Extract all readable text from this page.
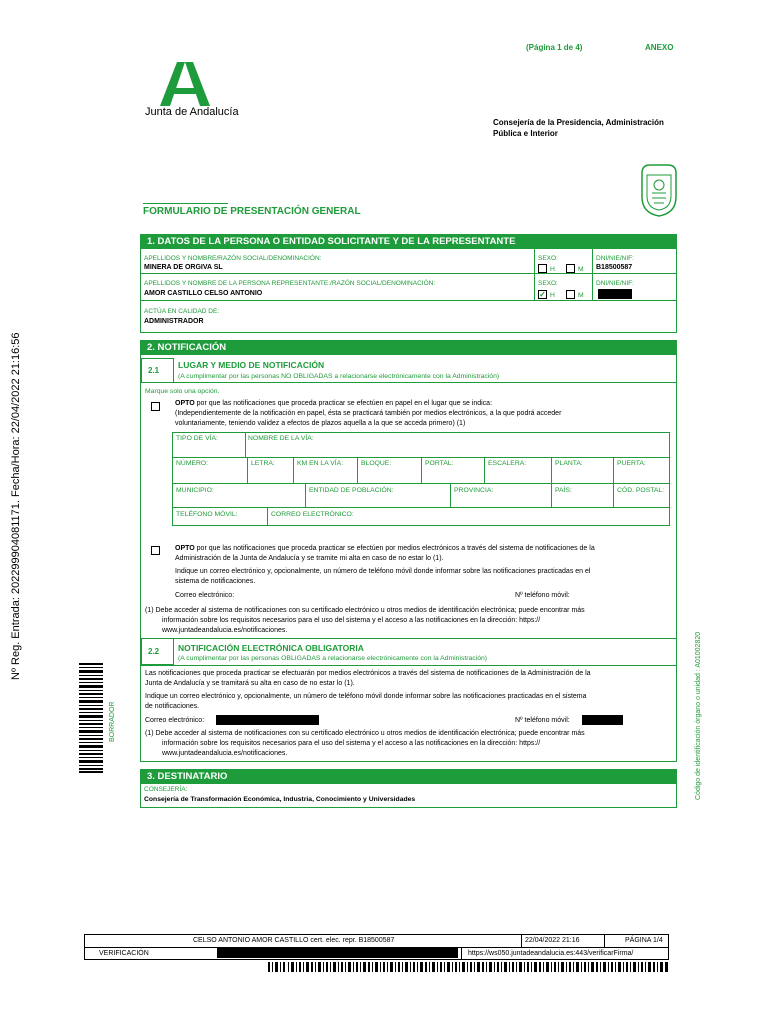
(Página 1 de 4)	ANEXO
Junta de Andalucía
Consejería de la Presidencia, Administración
Pública e Interior
FORMULARIO DE PRESENTACIÓN GENERAL
Nº Reg. Entrada: 202299904081171. Fecha/Hora: 22/04/2022 21:16:56
Código de identificación órgano o unidad : A01002820
BORRADOR
1. DATOS DE LA PERSONA O ENTIDAD SOLICITANTE Y DE LA REPRESENTANTE
APELLIDOS Y NOMBRE/RAZÓN SOCIAL/DENOMINACIÓN:
MINERA DE ORGIVA SL
SEXO:
H	M
DNI/NIE/NIF:
B18500587
APELLIDOS Y NOMBRE DE LA PERSONA REPRESENTANTE:/RAZÓN SOCIAL/DENOMINACIÓN:
AMOR CASTILLO CELSO ANTONIO
SEXO:
✓ H	M
DNI/NIE/NIF:
ACTÚA EN CALIDAD DE:
ADMINISTRADOR
2. NOTIFICACIÓN
2.1
LUGAR Y MEDIO DE NOTIFICACIÓN
(A cumplimentar por las personas NO OBLIGADAS a relacionarse electrónicamente con la Administración)
Marque solo una opción.
OPTO por que las notificaciones que proceda practicar se efectúen en papel en el lugar que se indica:
(Independientemente de la notificación en papel, ésta se practicará también por medios electrónicos, a la que podrá acceder
voluntariamente, teniendo validez a efectos de plazos aquella a la que se acceda primero) (1)
TIPO DE VÍA:	NOMBRE DE LA VÍA:
NÚMERO:	LETRA:	KM EN LA VÍA:	BLOQUE:	PORTAL:	ESCALERA:	PLANTA:	PUERTA:
MUNICIPIO:	ENTIDAD DE POBLACIÓN:	PROVINCIA:	PAÍS:	CÓD. POSTAL:
TELÉFONO MÓVIL:	CORREO ELECTRÓNICO:
OPTO por que las notificaciones que proceda practicar se efectúen por medios electrónicos a través del sistema de notificaciones de la
Administración de la Junta de Andalucía y se tramite mi alta en caso de no estar lo (1).
Indique un correo electrónico y, opcionalmente, un número de teléfono móvil donde informar sobre las notificaciones practicadas en el
sistema de notificaciones.
Correo electrónico:	Nº teléfono móvil:
(1) Debe acceder al sistema de notificaciones con su certificado electrónico u otros medios de identificación electrónica; puede encontrar más
información sobre los requisitos necesarios para el uso del sistema y el acceso a las notificaciones en la dirección: https://
www.juntadeandalucia.es/notificaciones.
2.2 NOTIFICACIÓN ELECTRÓNICA OBLIGATORIA
(A cumplimentar por las personas OBLIGADAS a relacionarse electrónicamente con la Administración)
Las notificaciones que proceda practicar se efectuarán por medios electrónicos a través del sistema de notificaciones de la Administración de la
Junta de Andalucía y se tramitará su alta en caso de no estar lo (1).
Indique un correo electrónico y, opcionalmente, un número de teléfono móvil donde informar sobre las notificaciones practicadas en el sistema
de notificaciones.
Correo electrónico:	Nº teléfono móvil:
(1) Debe acceder al sistema de notificaciones con su certificado electrónico u otros medios de identificación electrónica; puede encontrar más
información sobre los requisitos necesarios para el uso del sistema y el acceso a las notificaciones en la dirección: https://
www.juntadeandalucia.es/notificaciones.
3. DESTINATARIO
CONSEJERÍA:
Consejería de Transformación Económica, Industria, Conocimiento y Universidades
CELSO ANTONIO AMOR CASTILLO cert. elec. repr. B18500587	22/04/2022 21:16	PÁGINA 1/4
VERIFICACIÓN	https://ws050.juntadeandalucia.es:443/verificarFirma/
